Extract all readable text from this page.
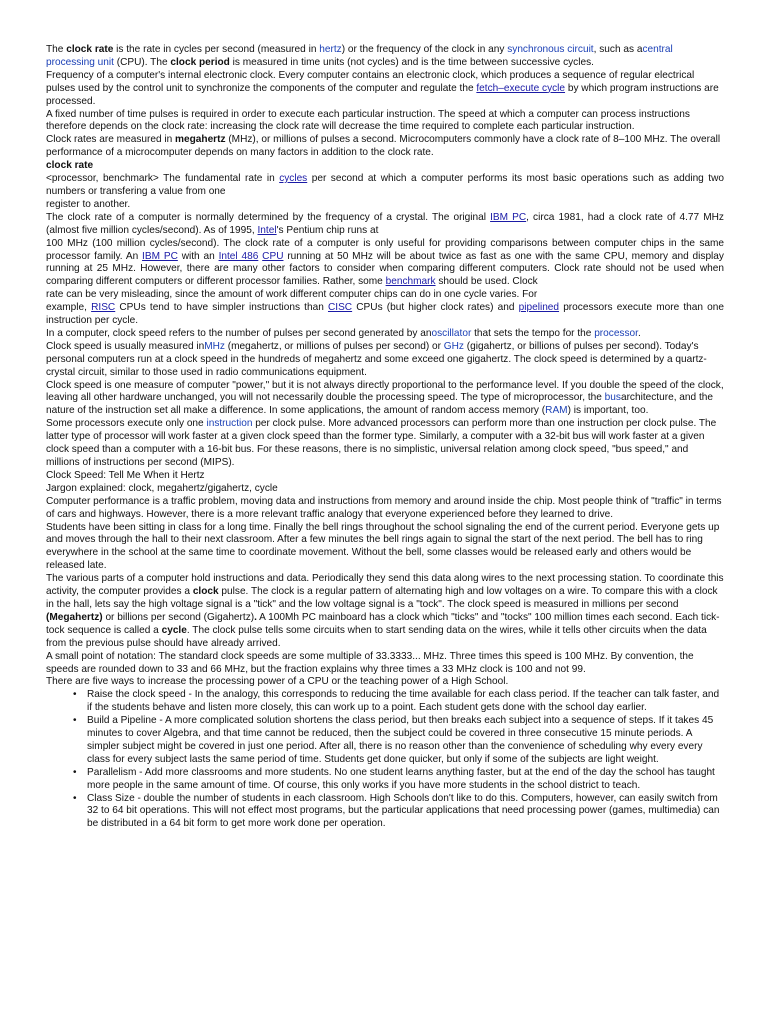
The clock rate is the rate in cycles per second (measured in hertz) or the frequency of the clock in any synchronous circuit, such as acentral processing unit (CPU). The clock period is measured in time units (not cycles) and is the time between successive cycles.

Frequency of a computer's internal electronic clock. Every computer contains an electronic clock, which produces a sequence of regular electrical pulses used by the control unit to synchronize the components of the computer and regulate the fetch–execute cycle by which program instructions are processed.

A fixed number of time pulses is required in order to execute each particular instruction. The speed at which a computer can process instructions therefore depends on the clock rate: increasing the clock rate will decrease the time required to complete each particular instruction.

Clock rates are measured in megahertz (MHz), or millions of pulses a second. Microcomputers commonly have a clock rate of 8–100 MHz. The overall performance of a microcomputer depends on many factors in addition to the clock rate.

clock rate

<processor, benchmark> The fundamental rate in cycles per second at which a computer performs its most basic operations such as adding two numbers or transfering a value from one

register to another.

The clock rate of a computer is normally determined by the frequency of a crystal. The original IBM PC, circa 1981, had a clock rate of 4.77 MHz (almost five million cycles/second). As of 1995, Intel's Pentium chip runs at

100 MHz (100 million cycles/second). The clock rate of a computer is only useful for providing comparisons between computer chips in the same processor family. An IBM PC with an Intel 486 CPU running at 50 MHz will be about twice as fast as one with the same CPU, memory and display running at 25 MHz. However, there are many other factors to consider when comparing different computers. Clock rate should not be used when comparing different computers or different processor families. Rather, some benchmark should be used. Clock

rate can be very misleading, since the amount of work different computer chips can do in one cycle varies. For

example, RISC CPUs tend to have simpler instructions than CISC CPUs (but higher clock rates) and pipelined processors execute more than one instruction per cycle.

In a computer, clock speed refers to the number of pulses per second generated by anoscillator that sets the tempo for the processor.

Clock speed is usually measured inMHz (megahertz, or millions of pulses per second) or GHz (gigahertz, or billions of pulses per second). Today's personal computers run at a clock speed in the hundreds of megahertz and some exceed one gigahertz. The clock speed is determined by a quartz-crystal circuit, similar to those used in radio communications equipment.

Clock speed is one measure of computer "power," but it is not always directly proportional to the performance level. If you double the speed of the clock, leaving all other hardware unchanged, you will not necessarily double the processing speed. The type of microprocessor, the busarchitecture, and the nature of the instruction set all make a difference. In some applications, the amount of random access memory (RAM) is important, too.

Some processors execute only one instruction per clock pulse. More advanced processors can perform more than one instruction per clock pulse. The latter type of processor will work faster at a given clock speed than the former type. Similarly, a computer with a 32-bit bus will work faster at a given clock speed than a computer with a 16-bit bus. For these reasons, there is no simplistic, universal relation among clock speed, "bus speed," and millions of instructions per second (MIPS).

Clock Speed: Tell Me When it Hertz

Jargon explained: clock, megahertz/gigahertz, cycle

Computer performance is a traffic problem, moving data and instructions from memory and around inside the chip. Most people think of "traffic" in terms of cars and highways. However, there is a more relevant traffic analogy that everyone experienced before they learned to drive.

Students have been sitting in class for a long time. Finally the bell rings throughout the school signaling the end of the current period. Everyone gets up and moves through the hall to their next classroom. After a few minutes the bell rings again to signal the start of the next period. The bell has to ring everywhere in the school at the same time to coordinate movement. Without the bell, some classes would be released early and others would be released late.

The various parts of a computer hold instructions and data. Periodically they send this data along wires to the next processing station. To coordinate this activity, the computer provides a clock pulse. The clock is a regular pattern of alternating high and low voltages on a wire. To compare this with a clock in the hall, lets say the high voltage signal is a "tick" and the low voltage signal is a "tock". The clock speed is measured in millions per second (Megahertz) or billions per second (Gigahertz). A 100Mh PC mainboard has a clock which "ticks" and "tocks" 100 million times each second. Each tick-tock sequence is called a cycle. The clock pulse tells some circuits when to start sending data on the wires, while it tells other circuits when the data from the previous pulse should have already arrived.

A small point of notation: The standard clock speeds are some multiple of 33.3333... MHz. Three times this speed is 100 MHz. By convention, the speeds are rounded down to 33 and 66 MHz, but the fraction explains why three times a 33 MHz clock is 100 and not 99.

There are five ways to increase the processing power of a CPU or the teaching power of a High School.

• Raise the clock speed - In the analogy, this corresponds to reducing the time available for each class period. If the teacher can talk faster, and if the students behave and listen more closely, this can work up to a point. Each student gets done with the school day earlier.
• Build a Pipeline - A more complicated solution shortens the class period, but then breaks each subject into a sequence of steps. If it takes 45 minutes to cover Algebra, and that time cannot be reduced, then the subject could be covered in three consecutive 15 minute periods. A simpler subject might be covered in just one period. After all, there is no reason other than the convenience of scheduling why every every class for every subject lasts the same period of time. Students get done quicker, but only if some of the subjects are light weight.
• Parallelism - Add more classrooms and more students. No one student learns anything faster, but at the end of the day the school has taught more people in the same amount of time. Of course, this only works if you have more students in the school district to teach.
• Class Size - double the number of students in each classroom. High Schools don't like to do this. Computers, however, can easily switch from 32 to 64 bit operations. This will not effect most programs, but the particular applications that need processing power (games, multimedia) can be distributed in a 64 bit form to get more work done per operation.
